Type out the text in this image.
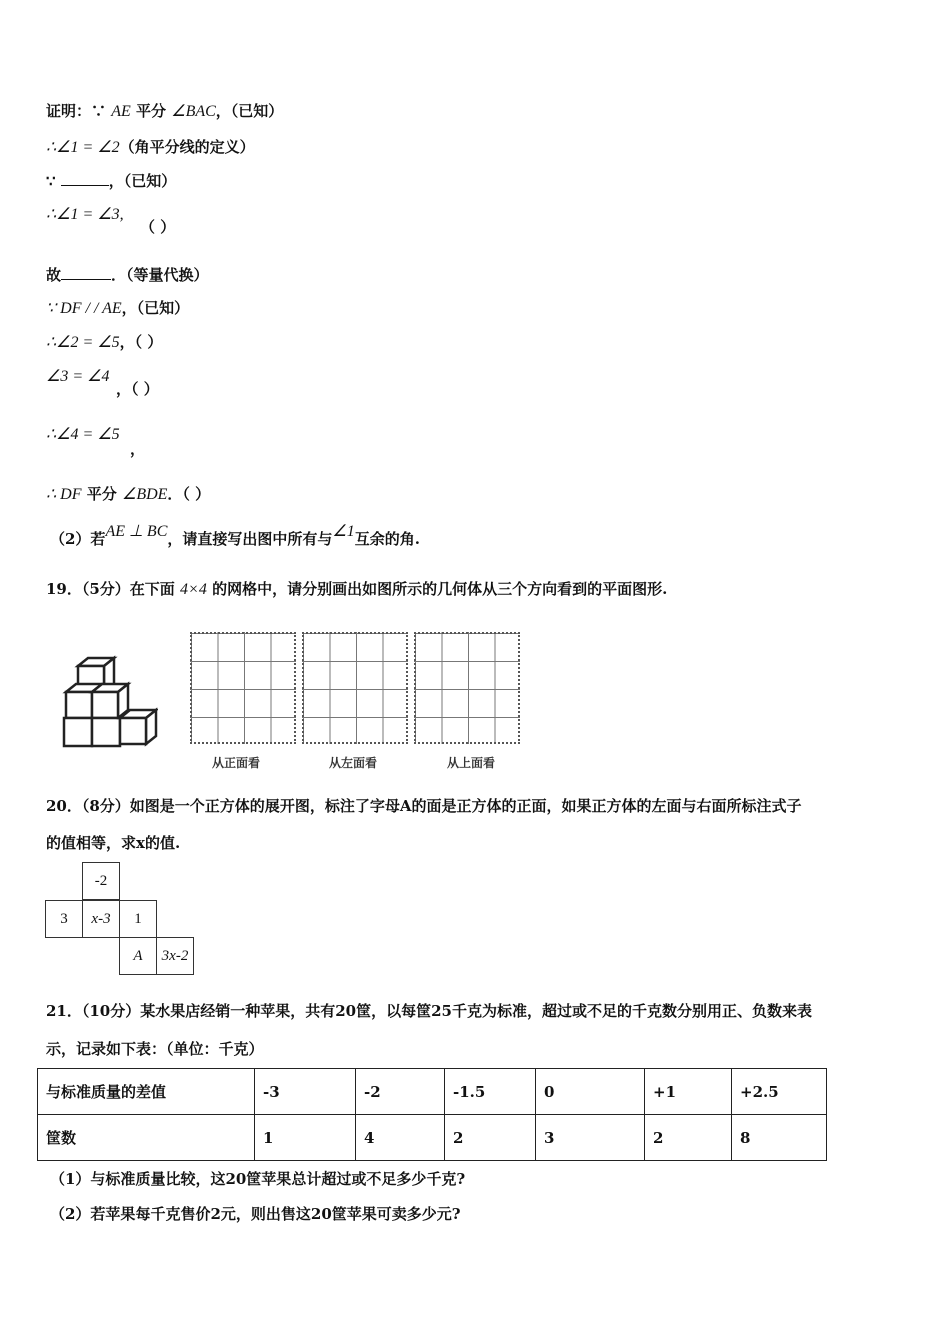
证明：∵ AE 平分 ∠BAC，（已知）
∴∠1 = ∠2（角平分线的定义）
∵	，（已知）
∴∠1 = ∠3,
（ ）
故	．（等量代换）
∵ DF / / AE，（已知）
∴∠2 = ∠5，（ ）
∠3 = ∠4
，（ ）
∴∠4 = ∠5
，
∴ DF 平分 ∠BDE．（ ）
（2）若AE ⊥ BC，请直接写出图中所有与∠1互余的角.
19．（5分）在下面 4×4 的网格中，请分别画出如图所示的几何体从三个方向看到的平面图形.
从正面看	从左面看	从上面看
20．（8分）如图是一个正方体的展开图，标注了字母A的面是正方体的正面，如果正方体的左面与右面所标注式子
的值相等，求x的值.
-2
3	x-3	1
A	3x-2
21．（10分）某水果店经销一种苹果，共有20筐，以每筐25千克为标准，超过或不足的千克数分别用正、负数来表
示，记录如下表：（单位：千克）
与标准质量的差值	-3	-2	-1.5	0	+1	+2.5
筐数	1	4	2	3	2	8
（1）与标准质量比较，这20筐苹果总计超过或不足多少千克?
（2）若苹果每千克售价2元，则出售这20筐苹果可卖多少元?
